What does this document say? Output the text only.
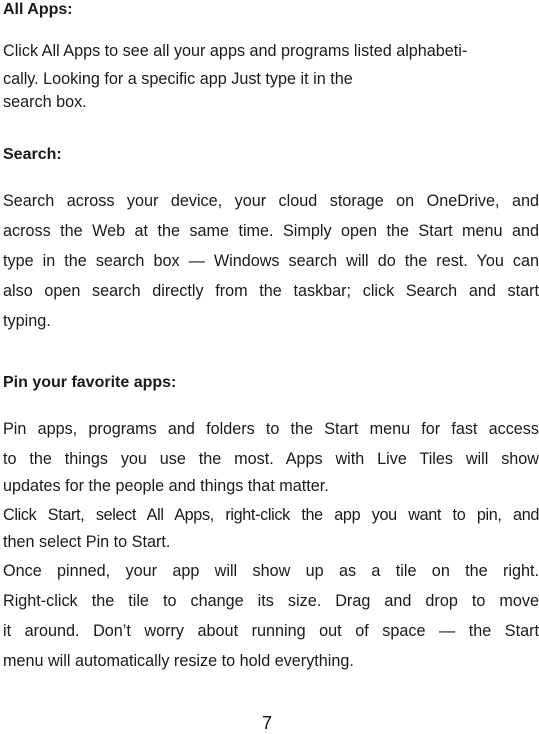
All Apps:
Click All Apps to see all your apps and programs listed alphabeti-
cally. Looking for a specific app Just type it in the
search box.
Search:
Search across your device, your cloud storage on OneDrive, and
across the Web at the same time. Simply open the Start menu and
type in the search box — Windows search will do the rest. You can
also open search directly from the taskbar; click Search and start
typing.
Pin your favorite apps:
Pin apps, programs and folders to the Start menu for fast access
to the things you use the most. Apps with Live Tiles will show
updates for the people and things that matter.
Click Start, select All Apps, right-click the app you want to pin, and
then select Pin to Start.
Once pinned, your app will show up as a tile on the right.
Right-click the tile to change its size. Drag and drop to move
it around. Don’t worry about running out of space — the Start
menu will automatically resize to hold everything.
7
